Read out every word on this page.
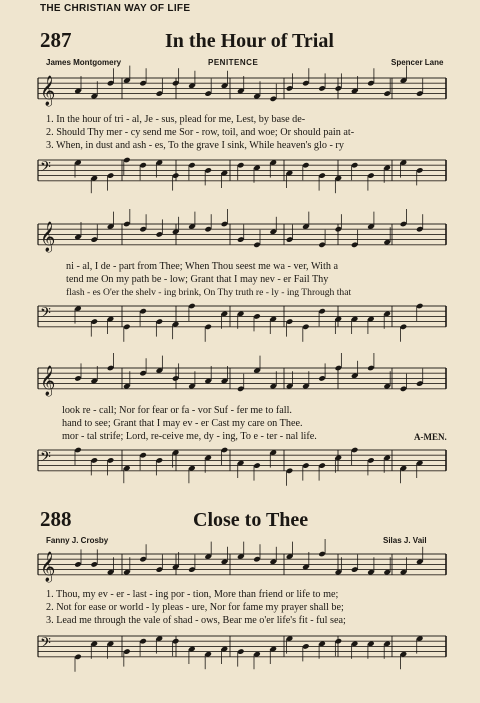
𝄞
𝄢
𝄞
𝄢
𝄞
𝄢
𝄞
𝄢
THE CHRISTIAN WAY OF LIFE
287	In the Hour of Trial
James Montgomery	PENITENCE	Spencer Lane
1. In the hour of tri - al, Je - sus, plead for me, Lest, by base de-
2. Should Thy mer - cy send me Sor - row, toil, and woe; Or should pain at-
3. When, in dust and ash - es, To the grave I sink, While heaven's glo - ry
ni - al, I de - part from Thee; When Thou seest me wa - ver, With a
tend me On my path be - low; Grant that I may nev - er Fail Thy
flash - es O'er the shelv - ing brink, On Thy truth re - ly - ing Through that
look re - call; Nor for fear or fa - vor Suf - fer me to fall.
hand to see; Grant that I may ev - er Cast my care on Thee.
mor - tal strife; Lord, re-ceive me, dy - ing, To e - ter - nal life.	A-MEN.
288	Close to Thee
Fanny J. Crosby	Silas J. Vail
1. Thou, my ev - er - last - ing por - tion, More than friend or life to me;
2. Not for ease or world - ly pleas - ure, Nor for fame my prayer shall be;
3. Lead me through the vale of shad - ows, Bear me o'er life's fit - ful sea;
